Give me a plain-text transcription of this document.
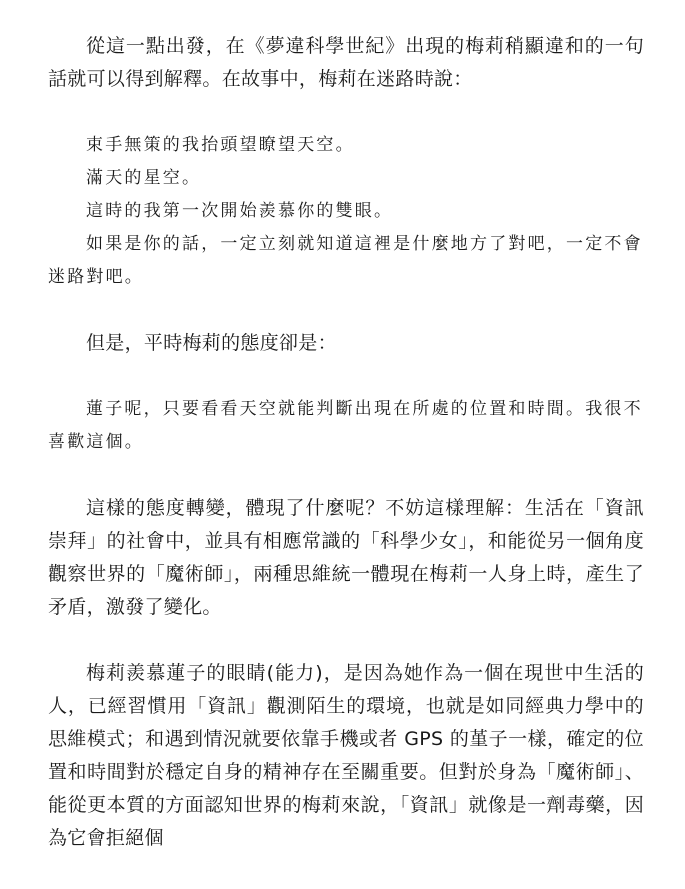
從這一點出發，在《夢違科學世紀》出現的梅莉稍顯違和的一句話就可以得到解釋。在故事中，梅莉在迷路時說：

束手無策的我抬頭望瞭望天空。

滿天的星空。

這時的我第一次開始羨慕你的雙眼。

如果是你的話，一定立刻就知道這裡是什麼地方了對吧，一定不會迷路對吧。

但是，平時梅莉的態度卻是：

蓮子呢，只要看看天空就能判斷出現在所處的位置和時間。我很不喜歡這個。

這樣的態度轉變，體現了什麼呢？不妨這樣理解：生活在「資訊崇拜」的社會中，並具有相應常識的「科學少女」，和能從另一個角度觀察世界的「魔術師」，兩種思維統一體現在梅莉一人身上時，產生了矛盾，激發了變化。

梅莉羨慕蓮子的眼睛(能力)，是因為她作為一個在現世中生活的人，已經習慣用「資訊」觀測陌生的環境，也就是如同經典力學中的思維模式；和遇到情況就要依靠手機或者 GPS 的堇子一樣，確定的位置和時間對於穩定自身的精神存在至關重要。但對於身為「魔術師」、能從更本質的方面認知世界的梅莉來說，「資訊」就像是一劑毒藥，因為它會拒絕個
